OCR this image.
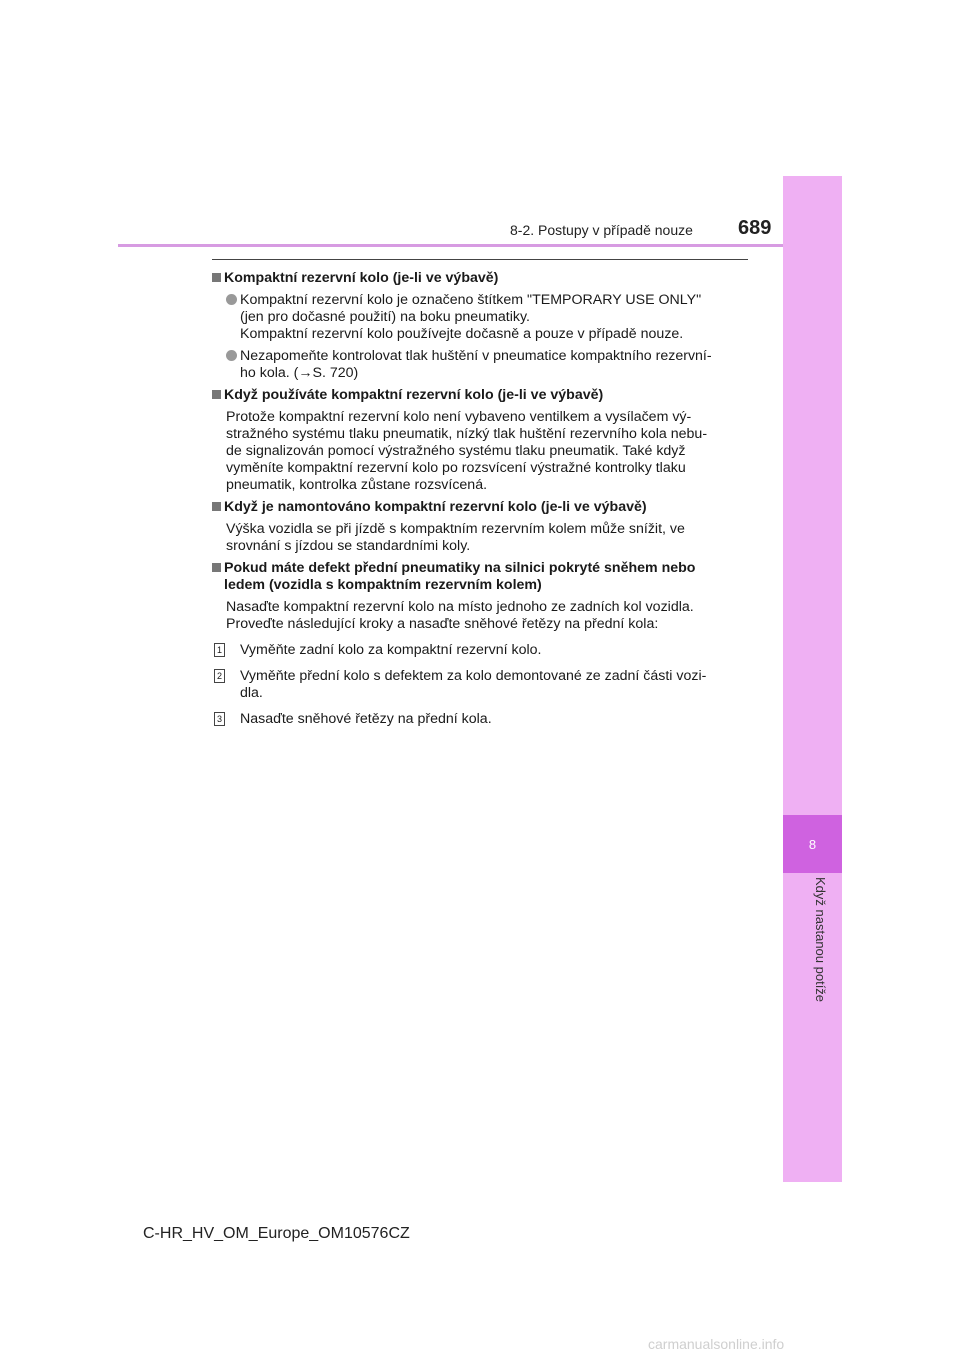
8
Když nastanou potíže
8-2. Postupy v případě nouze 689
Kompaktní rezervní kolo (je-li ve výbavě)
Kompaktní rezervní kolo je označeno štítkem "TEMPORARY USE ONLY"
(jen pro dočasné použití) na boku pneumatiky.
Kompaktní rezervní kolo používejte dočasně a pouze v případě nouze.
Nezapomeňte kontrolovat tlak huštění v pneumatice kompaktního rezervní-
ho kola. (→S. 720)
Když používáte kompaktní rezervní kolo (je-li ve výbavě)
Protože kompaktní rezervní kolo není vybaveno ventilkem a vysílačem vý-
stražného systému tlaku pneumatik, nízký tlak huštění rezervního kola nebu-
de signalizován pomocí výstražného systému tlaku pneumatik. Také když
vyměníte kompaktní rezervní kolo po rozsvícení výstražné kontrolky tlaku
pneumatik, kontrolka zůstane rozsvícená.
Když je namontováno kompaktní rezervní kolo (je-li ve výbavě)
Výška vozidla se při jízdě s kompaktním rezervním kolem může snížit, ve
srovnání s jízdou se standardními koly.
Pokud máte defekt přední pneumatiky na silnici pokryté sněhem nebo
ledem (vozidla s kompaktním rezervním kolem)
Nasaďte kompaktní rezervní kolo na místo jednoho ze zadních kol vozidla.
Proveďte následující kroky a nasaďte sněhové řetězy na přední kola:
1 Vyměňte zadní kolo za kompaktní rezervní kolo.
2 Vyměňte přední kolo s defektem za kolo demontované ze zadní části vozi-
dla.
3 Nasaďte sněhové řetězy na přední kola.
C-HR_HV_OM_Europe_OM10576CZ
carmanualsonline.info
